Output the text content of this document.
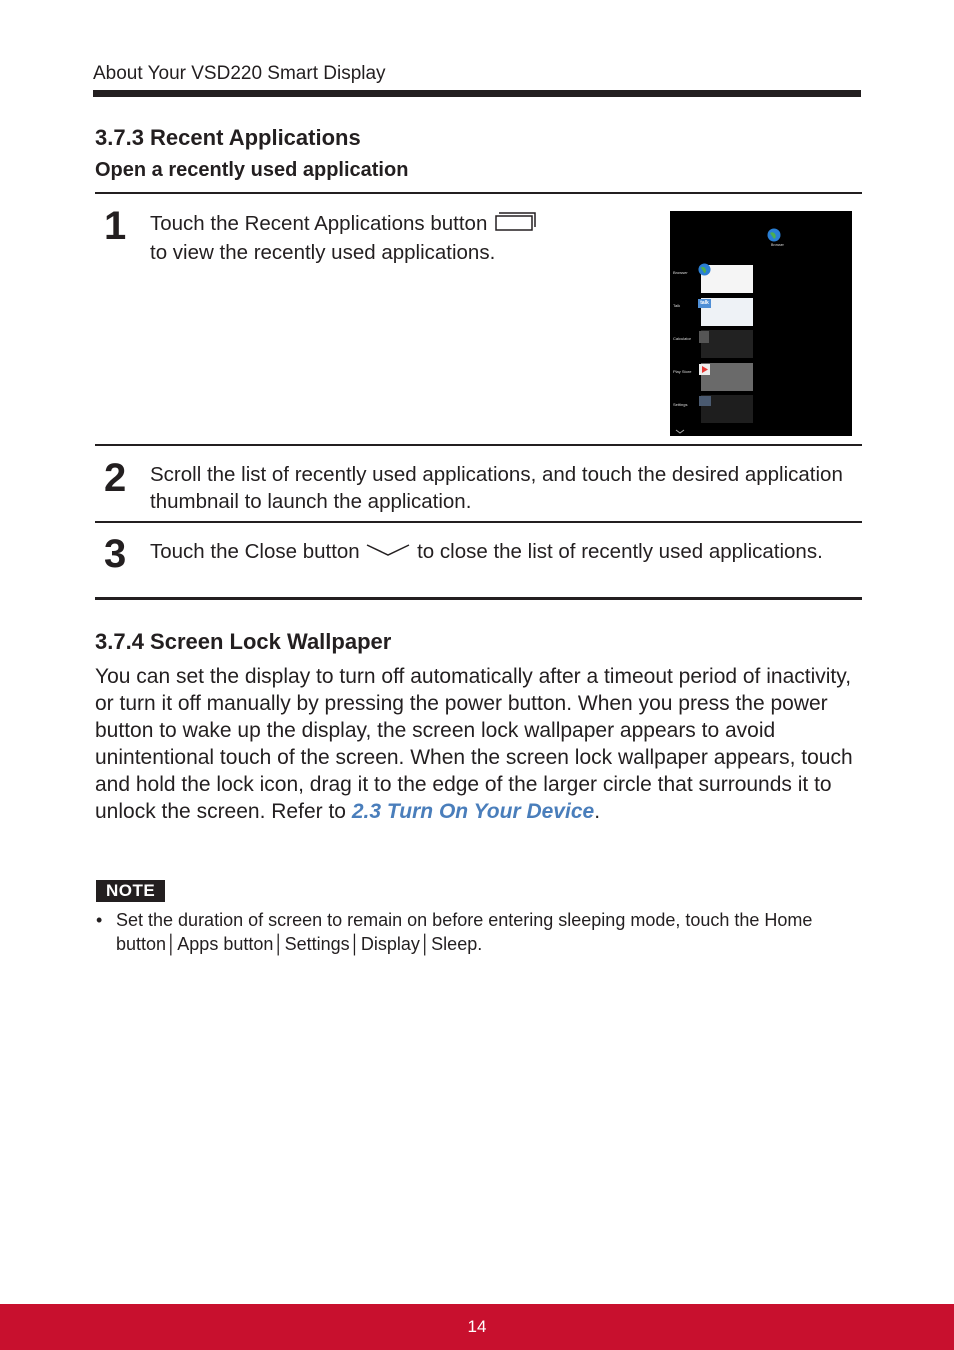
About Your VSD220 Smart Display
3.7.3 Recent Applications
Open a recently used application
1 Touch the Recent Applications button
to view the recently used applications.	Browser
Browser
Talk	talk
Calculator
Play Store
Settings
2 Scroll the list of recently used applications, and touch the desired application thumbnail to launch the application.
3 Touch the Close button	to close the list of recently used applications.
3.7.4 Screen Lock Wallpaper
You can set the display to turn off automatically after a timeout period of inactivity, or turn it off manually by pressing the power button. When you press the power button to wake up the display, the screen lock wallpaper appears to avoid unintentional touch of the screen. When the screen lock wallpaper appears, touch and hold the lock icon, drag it to the edge of the larger circle that surrounds it to unlock the screen. Refer to 2.3 Turn On Your Device.
NOTE
• Set the duration of screen to remain on before entering sleeping mode, touch the Home button│Apps button│Settings│Display│Sleep.
14
